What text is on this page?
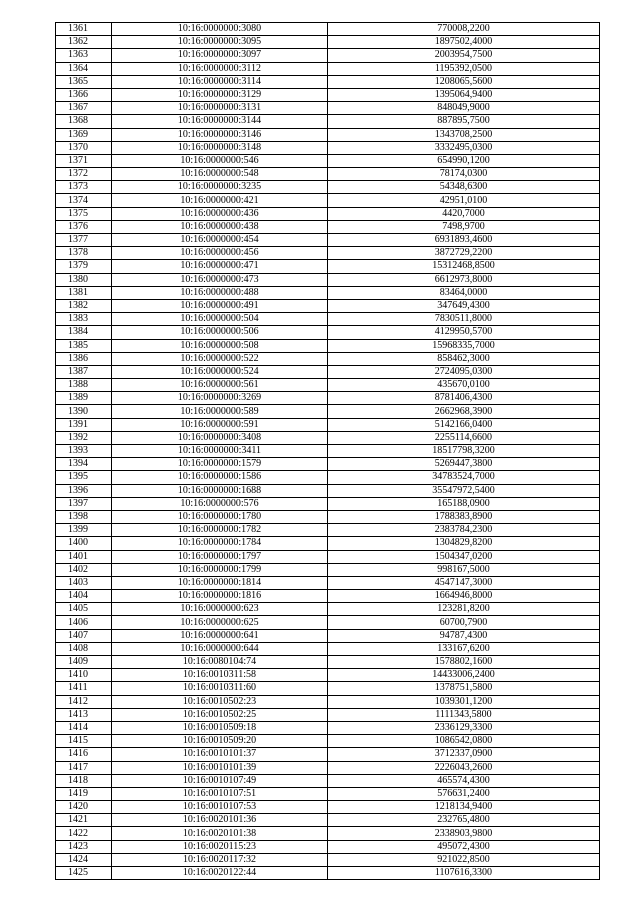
1361	10:16:0000000:3080	770008,2200
1362	10:16:0000000:3095	1897502,4000
1363	10:16:0000000:3097	2003954,7500
1364	10:16:0000000:3112	1195392,0500
1365	10:16:0000000:3114	1208065,5600
1366	10:16:0000000:3129	1395064,9400
1367	10:16:0000000:3131	848049,9000
1368	10:16:0000000:3144	887895,7500
1369	10:16:0000000:3146	1343708,2500
1370	10:16:0000000:3148	3332495,0300
1371	10:16:0000000:546	654990,1200
1372	10:16:0000000:548	78174,0300
1373	10:16:0000000:3235	54348,6300
1374	10:16:0000000:421	42951,0100
1375	10:16:0000000:436	4420,7000
1376	10:16:0000000:438	7498,9700
1377	10:16:0000000:454	6931893,4600
1378	10:16:0000000:456	3872729,2200
1379	10:16:0000000:471	15312468,8500
1380	10:16:0000000:473	6612973,8000
1381	10:16:0000000:488	83464,0000
1382	10:16:0000000:491	347649,4300
1383	10:16:0000000:504	7830511,8000
1384	10:16:0000000:506	4129950,5700
1385	10:16:0000000:508	15968335,7000
1386	10:16:0000000:522	858462,3000
1387	10:16:0000000:524	2724095,0300
1388	10:16:0000000:561	435670,0100
1389	10:16:0000000:3269	8781406,4300
1390	10:16:0000000:589	2662968,3900
1391	10:16:0000000:591	5142166,0400
1392	10:16:0000000:3408	2255114,6600
1393	10:16:0000000:3411	18517798,3200
1394	10:16:0000000:1579	5269447,3800
1395	10:16:0000000:1586	34783524,7000
1396	10:16:0000000:1688	35547972,5400
1397	10:16:0000000:576	165188,0900
1398	10:16:0000000:1780	1788383,8900
1399	10:16:0000000:1782	2383784,2300
1400	10:16:0000000:1784	1304829,8200
1401	10:16:0000000:1797	1504347,0200
1402	10:16:0000000:1799	998167,5000
1403	10:16:0000000:1814	4547147,3000
1404	10:16:0000000:1816	1664946,8000
1405	10:16:0000000:623	123281,8200
1406	10:16:0000000:625	60700,7900
1407	10:16:0000000:641	94787,4300
1408	10:16:0000000:644	133167,6200
1409	10:16:0080104:74	1578802,1600
1410	10:16:0010311:58	14433006,2400
1411	10:16:0010311:60	1378751,5800
1412	10:16:0010502:23	1039301,1200
1413	10:16:0010502:25	1111343,5800
1414	10:16:0010509:18	2336129,3300
1415	10:16:0010509:20	1086542,0800
1416	10:16:0010101:37	3712337,0900
1417	10:16:0010101:39	2226043,2600
1418	10:16:0010107:49	465574,4300
1419	10:16:0010107:51	576631,2400
1420	10:16:0010107:53	1218134,9400
1421	10:16:0020101:36	232765,4800
1422	10:16:0020101:38	2338903,9800
1423	10:16:0020115:23	495072,4300
1424	10:16:0020117:32	921022,8500
1425	10:16:0020122:44	1107616,3300
